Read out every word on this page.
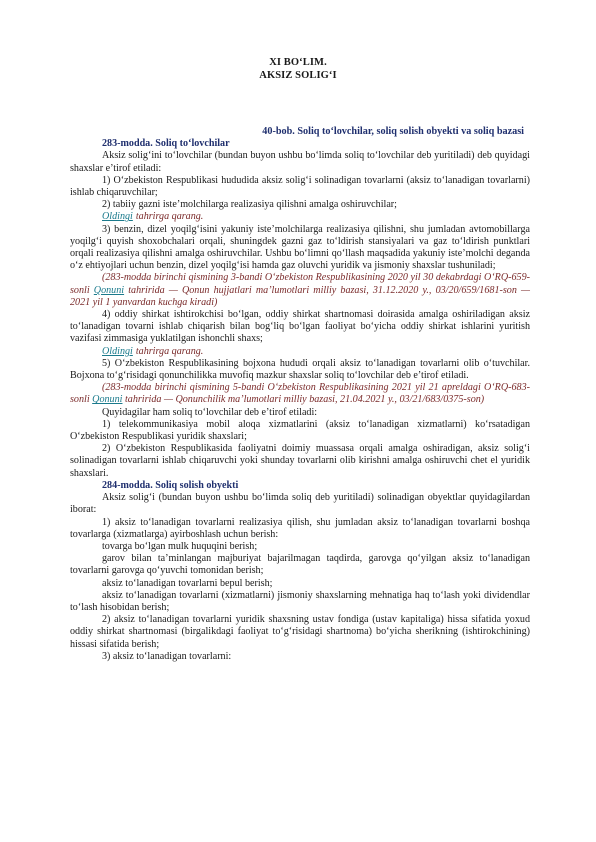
XI BO‘LIM.
AKSIZ SOLIG‘I
40-bob. Soliq to‘lovchilar, soliq solish obyekti va soliq bazasi
283-modda. Soliq to‘lovchilar

Aksiz solig‘ini to‘lovchilar (bundan buyon ushbu bo‘limda soliq to‘lovchilar deb yuritiladi) deb quyidagi shaxslar e’tirof etiladi:

1) O‘zbekiston Respublikasi hududida aksiz solig‘i solinadigan tovarlarni (aksiz to‘lanadigan tovarlarni) ishlab chiqaruvchilar;

2) tabiiy gazni iste’molchilarga realizasiya qilishni amalga oshiruvchilar;

Oldingi tahrirga qarang.

3) benzin, dizel yoqilg‘isini yakuniy iste’molchilarga realizasiya qilishni, shu jumladan avtomobillarga yoqilg‘i quyish shoxobchalari orqali, shuningdek gazni gaz to‘ldirish stansiyalari va gaz to‘ldirish punktlari orqali realizasiya qilishni amalga oshiruvchilar. Ushbu bo‘limni qo‘llash maqsadida yakuniy iste’molchi deganda o‘z ehtiyojlari uchun benzin, dizel yoqilg‘isi hamda gaz oluvchi yuridik va jismoniy shaxslar tushuniladi;

(283-modda birinchi qismining 3-bandi O‘zbekiston Respublikasining 2020 yil 30 dekabrdagi O‘RQ-659-sonli Qonuni tahririda — Qonun hujjatlari ma’lumotlari milliy bazasi, 31.12.2020 y., 03/20/659/1681-son — 2021 yil 1 yanvardan kuchga kiradi)

4) oddiy shirkat ishtirokchisi bo‘lgan, oddiy shirkat shartnomasi doirasida amalga oshiriladigan aksiz to‘lanadigan tovarni ishlab chiqarish bilan bog‘liq bo‘lgan faoliyat bo‘yicha oddiy shirkat ishlarini yuritish vazifasi zimmasiga yuklatilgan ishonchli shaxs;

Oldingi tahrirga qarang.

5) O‘zbekiston Respublikasining bojxona hududi orqali aksiz to‘lanadigan tovarlarni olib o‘tuvchilar. Bojxona to‘g‘risidagi qonunchilikka muvofiq mazkur shaxslar soliq to‘lovchilar deb e’tirof etiladi.

(283-modda birinchi qismining 5-bandi O‘zbekiston Respublikasining 2021 yil 21 apreldagi O‘RQ-683-sonli Qonuni tahririda — Qonunchilik ma’lumotlari milliy bazasi, 21.04.2021 y., 03/21/683/0375-son)

Quyidagilar ham soliq to‘lovchilar deb e’tirof etiladi:

1) telekommunikasiya mobil aloqa xizmatlarini (aksiz to‘lanadigan xizmatlarni) ko‘rsatadigan O‘zbekiston Respublikasi yuridik shaxslari;

2) O‘zbekiston Respublikasida faoliyatni doimiy muassasa orqali amalga oshiradigan, aksiz solig‘i solinadigan tovarlarni ishlab chiqaruvchi yoki shunday tovarlarni olib kirishni amalga oshiruvchi chet el yuridik shaxslari.

284-modda. Soliq solish obyekti

Aksiz solig‘i (bundan buyon ushbu bo‘limda soliq deb yuritiladi) solinadigan obyektlar quyidagilardan iborat:

1) aksiz to‘lanadigan tovarlarni realizasiya qilish, shu jumladan aksiz to‘lanadigan tovarlarni boshqa tovarlarga (xizmatlarga) ayirboshlash uchun berish:

tovarga bo‘lgan mulk huquqini berish;

garov bilan ta’minlangan majburiyat bajarilmagan taqdirda, garovga qo‘yilgan aksiz to‘lanadigan tovarlarni garovga qo‘yuvchi tomonidan berish;

aksiz to‘lanadigan tovarlarni bepul berish;

aksiz to‘lanadigan tovarlarni (xizmatlarni) jismoniy shaxslarning mehnatiga haq to‘lash yoki dividendlar to‘lash hisobidan berish;

2) aksiz to‘lanadigan tovarlarni yuridik shaxsning ustav fondiga (ustav kapitaliga) hissa sifatida yoxud oddiy shirkat shartnomasi (birgalikdagi faoliyat to‘g‘risidagi shartnoma) bo‘yicha sherikning (ishtirokchining) hissasi sifatida berish;

3) aksiz to‘lanadigan tovarlarni:
